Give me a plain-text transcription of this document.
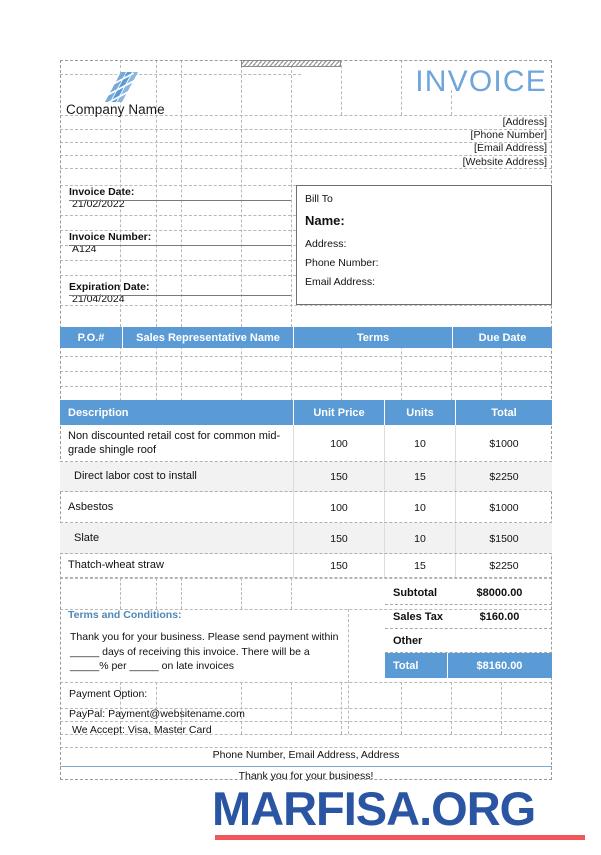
Company Name
INVOICE
[Address]
[Phone Number]
[Email Address]
[Website Address]
Invoice Date:
21/02/2022
Invoice Number:
A124
Expiration Date:
21/04/2024
Bill To
Name:
Address:
Phone Number:
Email Address:
P.O.#	Sales Representative Name	Terms	Due Date
Description	Unit Price	Units	Total
Non discounted retail cost for common mid-grade shingle roof	100	10	$1000
Direct labor cost to install	150	15	$2250
Asbestos	100	10	$1000
Slate	150	10	$1500
Thatch-wheat straw	150	15	$2250
Subtotal	$8000.00
Sales Tax	$160.00
Other
Total	$8160.00
Terms and Conditions:
Thank you for your business. Please send payment within _____ days of receiving this invoice. There will be a _____% per _____ on late invoices
Payment Option:
PayPal: Payment@websitename.com
We Accept: Visa, Master Card
Phone Number, Email Address, Address
Thank you for your business!
MARFISA.ORG
